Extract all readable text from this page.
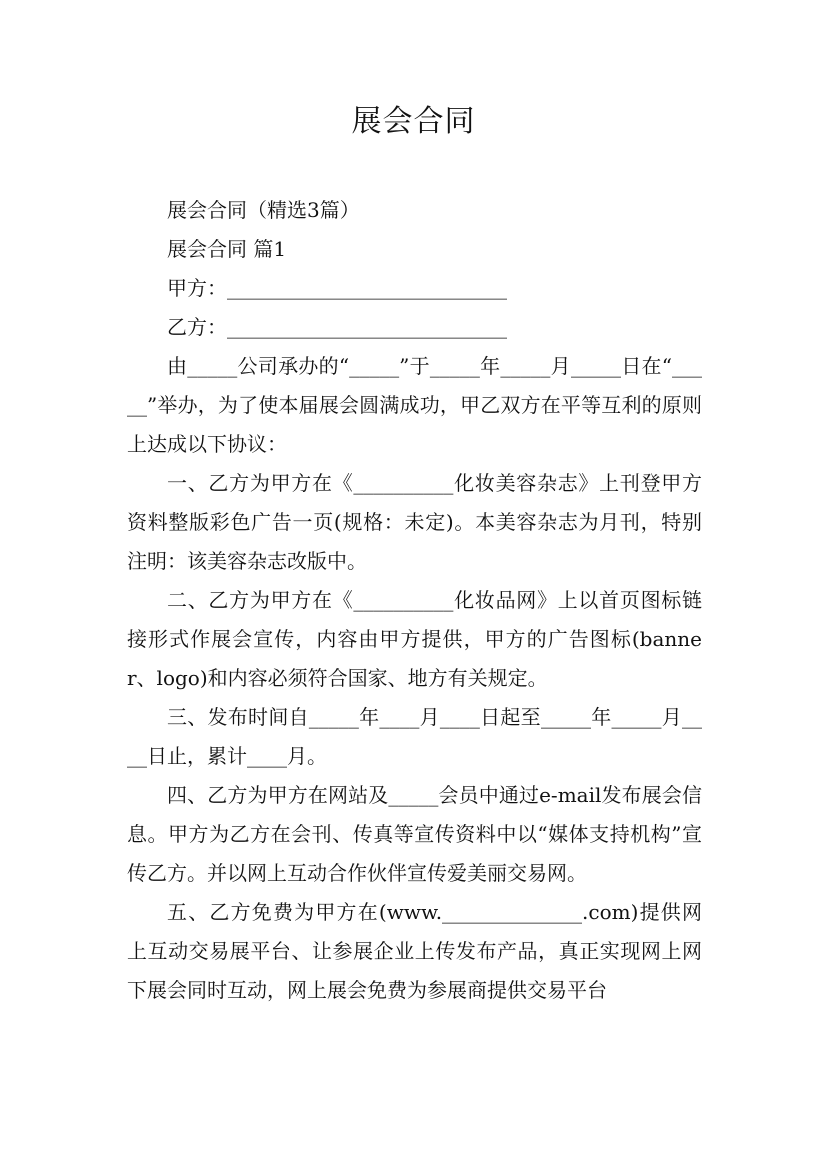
展会合同

展会合同（精选3篇）

展会合同 篇1

甲方：____________________________

乙方：____________________________

由_____公司承办的“_____”于_____年_____月_____日在“_____”举办，为了使本届展会圆满成功，甲乙双方在平等互利的原则上达成以下协议：

一、乙方为甲方在《__________化妆美容杂志》上刊登甲方资料整版彩色广告一页(规格：未定)。本美容杂志为月刊，特别注明：该美容杂志改版中。

二、乙方为甲方在《__________化妆品网》上以首页图标链接形式作展会宣传，内容由甲方提供，甲方的广告图标(banner、logo)和内容必须符合国家、地方有关规定。

三、发布时间自_____年____月____日起至_____年_____月____日止，累计____月。

四、乙方为甲方在网站及_____会员中通过e-mail发布展会信息。甲方为乙方在会刊、传真等宣传资料中以“媒体支持机构”宣传乙方。并以网上互动合作伙伴宣传爱美丽交易网。

五、乙方免费为甲方在(www.______________.com)提供网上互动交易展平台、让参展企业上传发布产品，真正实现网上网下展会同时互动，网上展会免费为参展商提供交易平台
